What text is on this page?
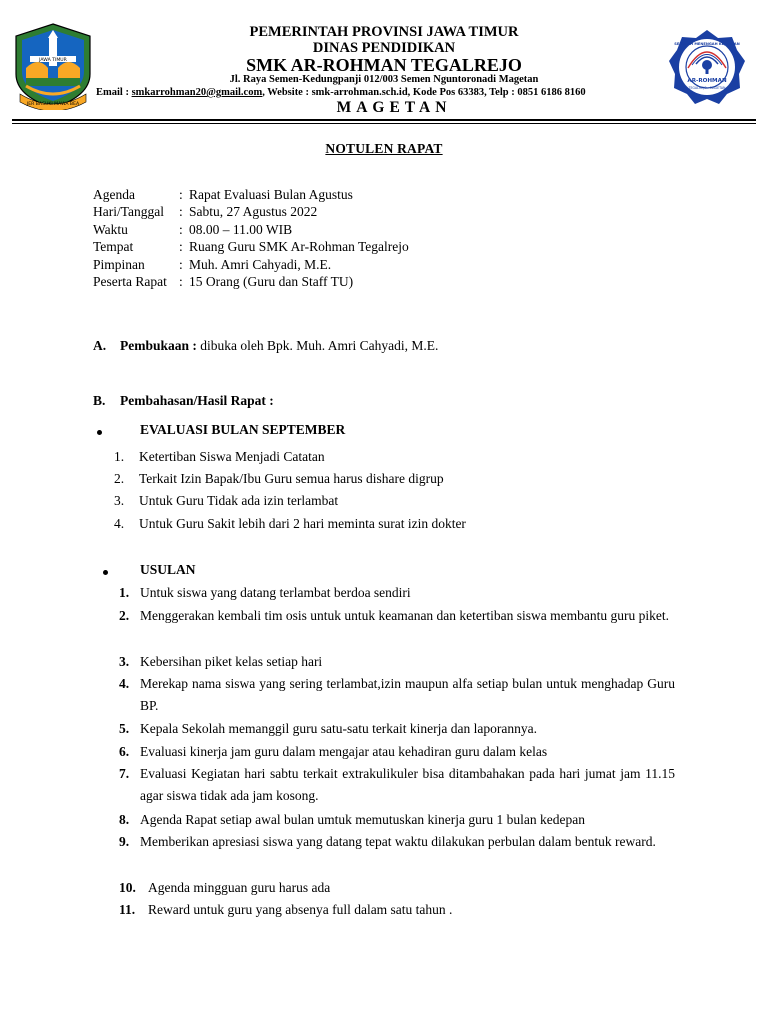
JAWA TIMUR
JER BASUKI MAWA BEA
SEKOLAH MENENGAH KEJURUAN
AR-ROHMAN
TEGALREJO - MAGETAN
PEMERINTAH PROVINSI JAWA TIMUR
DINAS PENDIDIKAN
SMK AR-ROHMAN TEGALREJO
Jl. Raya Semen-Kedungpanji 012/003 Semen Nguntoronadi Magetan
Email : smkarrohman20@gmail.com, Website : smk-arrohman.sch.id, Kode Pos 63383, Telp : 0851 6186 8160
MAGETAN
NOTULEN RAPAT
Agenda	: Rapat Evaluasi Bulan Agustus
Hari/Tanggal : Sabtu, 27 Agustus 2022
Waktu	: 08.00 – 11.00 WIB
Tempat	: Ruang Guru SMK Ar-Rohman Tegalrejo
Pimpinan	: Muh. Amri Cahyadi, M.E.
Peserta Rapat : 15 Orang (Guru dan Staff TU)
A. Pembukaan : dibuka oleh Bpk. Muh. Amri Cahyadi, M.E.
B. Pembahasan/Hasil Rapat :
EVALUASI BULAN SEPTEMBER
1. Ketertiban Siswa Menjadi Catatan
2. Terkait Izin Bapak/Ibu Guru semua harus dishare digrup
3. Untuk Guru Tidak ada izin terlambat
4. Untuk Guru Sakit lebih dari 2 hari meminta surat izin dokter
USULAN
1. Untuk siswa yang datang terlambat berdoa sendiri
2. Menggerakan kembali tim osis untuk untuk keamanan dan ketertiban siswa membantu guru piket.
3. Kebersihan piket kelas setiap hari
4. Merekap nama siswa yang sering terlambat,izin maupun alfa setiap bulan untuk menghadap Guru BP.
5. Kepala Sekolah memanggil guru satu-satu terkait kinerja dan laporannya.
6. Evaluasi kinerja jam guru dalam mengajar atau kehadiran guru dalam kelas
7. Evaluasi Kegiatan hari sabtu terkait extrakulikuler bisa ditambahakan pada hari jumat jam 11.15 agar siswa tidak ada jam kosong.
8. Agenda Rapat setiap awal bulan umtuk memutuskan kinerja guru 1 bulan kedepan
9. Memberikan apresiasi siswa yang datang tepat waktu dilakukan perbulan dalam bentuk reward.
10. Agenda mingguan guru harus ada
11. Reward untuk guru yang absenya full dalam satu tahun .
